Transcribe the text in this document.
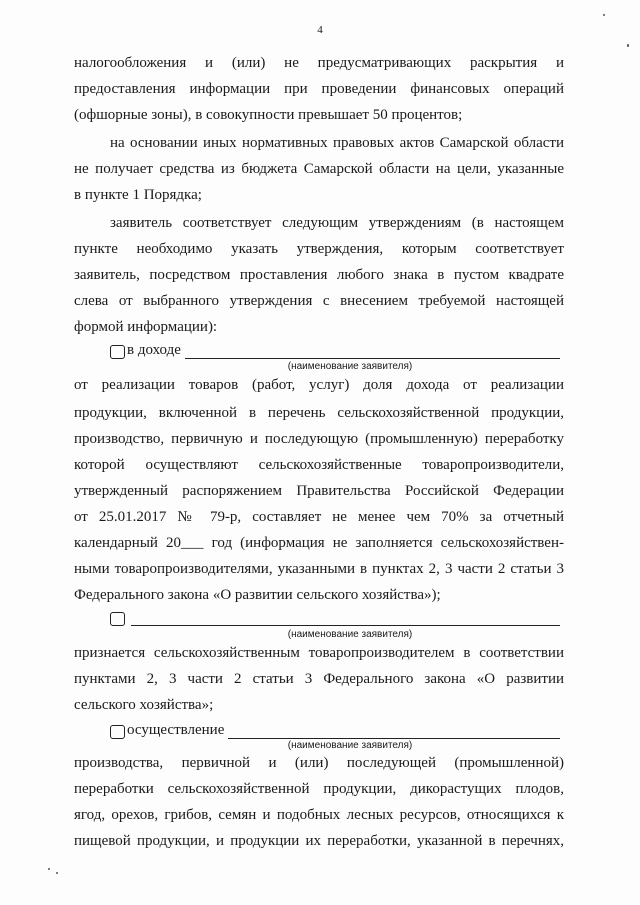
4
налогообложения и (или) не предусматривающих раскрытия и
предоставления информации при проведении финансовых операций
(офшорные зоны), в совокупности превышает 50 процентов;
на основании иных нормативных правовых актов Самарской области
не получает средства из бюджета Самарской области на цели, указанные
в пункте 1 Порядка;
заявитель соответствует следующим утверждениям (в настоящем
пункте необходимо указать утверждения, которым соответствует
заявитель, посредством проставления любого знака в пустом квадрате
слева от выбранного утверждения с внесением требуемой настоящей
формой информации):
в доходе
(наименование заявителя)
от реализации товаров (работ, услуг) доля дохода от реализации
продукции, включенной в перечень сельскохозяйственной продукции,
производство, первичную и последующую (промышленную) переработку
которой осуществляют сельскохозяйственные товаропроизводители,
утвержденный распоряжением Правительства Российской Федерации
от 25.01.2017 № 79-р, составляет не менее чем 70% за отчетный
календарный 20___ год (информация не заполняется сельскохозяйствен-
ными товаропроизводителями, указанными в пунктах 2, 3 части 2 статьи 3
Федерального закона «О развитии сельского хозяйства»);
(наименование заявителя)
признается сельскохозяйственным товаропроизводителем в соответствии
пунктами 2, 3 части 2 статьи 3 Федерального закона «О развитии
сельского хозяйства»;
осуществление
(наименование заявителя)
производства, первичной и (или) последующей (промышленной)
переработки сельскохозяйственной продукции, дикорастущих плодов,
ягод, орехов, грибов, семян и подобных лесных ресурсов, относящихся к
пищевой продукции, и продукции их переработки, указанной в перечнях,
